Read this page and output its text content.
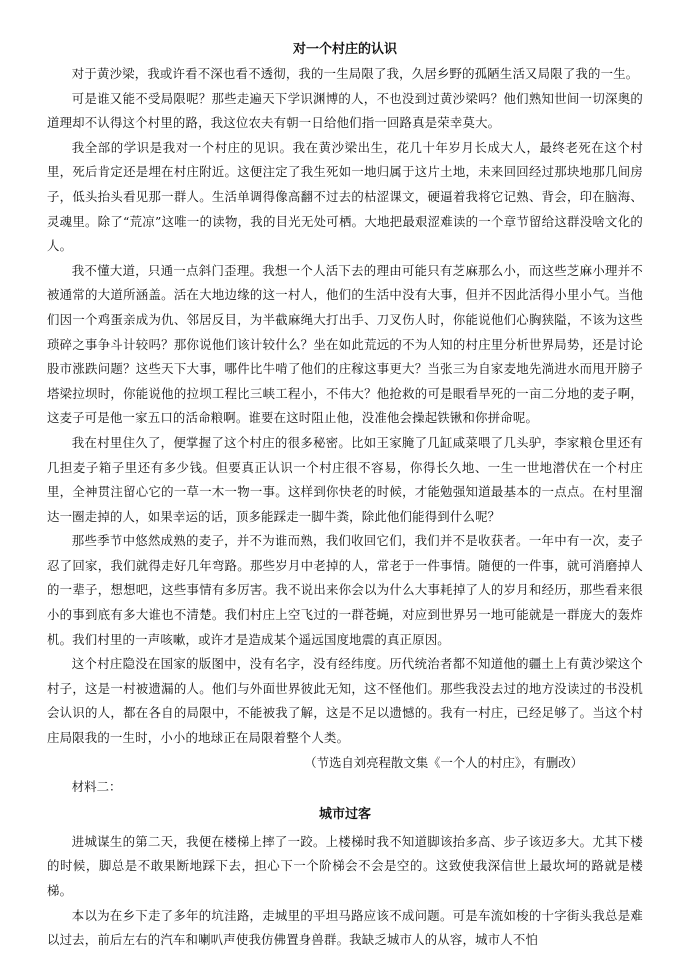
对一个村庄的认识

对于黄沙梁，我或许看不深也看不透彻，我的一生局限了我，久居乡野的孤陋生活又局限了我的一生。

可是谁又能不受局限呢？那些走遍天下学识渊博的人，不也没到过黄沙梁吗？他们熟知世间一切深奥的道理却不认得这个村里的路，我这位农夫有朝一日给他们指一回路真是荣幸莫大。

我全部的学识是我对一个村庄的见识。我在黄沙梁出生，花几十年岁月长成大人，最终老死在这个村里，死后肯定还是埋在村庄附近。这便注定了我生死如一地归属于这片土地，未来回回经过那块地那几间房子，低头抬头看见那一群人。生活单调得像高翻不过去的枯涩课文，硬逼着我将它记熟、背会，印在脑海、灵魂里。除了“荒凉”这唯一的读物，我的目光无处可栖。大地把最艰涩难读的一个章节留给这群没啥文化的人。

我不懂大道，只通一点斜门歪理。我想一个人活下去的理由可能只有芝麻那么小，而这些芝麻小理并不被通常的大道所涵盖。活在大地边缘的这一村人，他们的生活中没有大事，但并不因此活得小里小气。当他们因一个鸡蛋亲成为仇、邻居反目，为半截麻绳大打出手、刀叉伤人时，你能说他们心胸狭隘，不该为这些琐碎之事争斗计较吗？那你说他们该计较什么？坐在如此荒远的不为人知的村庄里分析世界局势，还是讨论股市涨跌问题？这些天下大事，哪件比牛啃了他们的庄稼这事更大？当张三为自家麦地先淌进水而甩开膀子塔梁拉坝时，你能说他的拉坝工程比三峡工程小，不伟大？他抢救的可是眼看旱死的一亩二分地的麦子啊，这麦子可是他一家五口的活命粮啊。谁要在这时阻止他，没准他会操起铁锹和你拼命呢。

我在村里住久了，便掌握了这个村庄的很多秘密。比如王家腌了几缸咸菜喂了几头驴，李家粮仓里还有几担麦子箱子里还有多少钱。但要真正认识一个村庄很不容易，你得长久地、一生一世地潜伏在一个村庄里，全神贯注留心它的一草一木一物一事。这样到你快老的时候，才能勉强知道最基本的一点点。在村里溜达一圈走掉的人，如果幸运的话，顶多能踩走一脚牛粪，除此他们能得到什么呢？

那些季节中悠然成熟的麦子，并不为谁而熟，我们收回它们，我们并不是收获者。一年中有一次，麦子忍了回家，我们就得走好几年弯路。那些岁月中老掉的人，常老于一件事情。随便的一件事，就可消磨掉人的一辈子，想想吧，这些事情有多厉害。我不说出来你会以为什么大事耗掉了人的岁月和经历，那些看来很小的事到底有多大谁也不清楚。我们村庄上空飞过的一群苍蝇，对应到世界另一地可能就是一群庞大的轰炸机。我们村里的一声咳嗽，或许才是造成某个遥远国度地震的真正原因。

这个村庄隐没在国家的版图中，没有名字，没有经纬度。历代统治者都不知道他的疆土上有黄沙梁这个村子，这是一村被遗漏的人。他们与外面世界彼此无知，这不怪他们。那些我没去过的地方没读过的书没机会认识的人，都在各自的局限中，不能被我了解，这是不足以遗憾的。我有一村庄，已经足够了。当这个村庄局限我的一生时，小小的地球正在局限着整个人类。

（节选自刘亮程散文集《一个人的村庄》，有删改）

材料二：

城市过客

进城谋生的第二天，我便在楼梯上摔了一跤。上楼梯时我不知道脚该抬多高、步子该迈多大。尤其下楼的时候，脚总是不敢果断地踩下去，担心下一个阶梯会不会是空的。这致使我深信世上最坎坷的路就是楼梯。

本以为在乡下走了多年的坑洼路，走城里的平坦马路应该不成问题。可是车流如梭的十字街头我总是难以过去，前后左右的汽车和喇叭声使我仿佛置身兽群。我缺乏城市人的从容，城市人不怕
